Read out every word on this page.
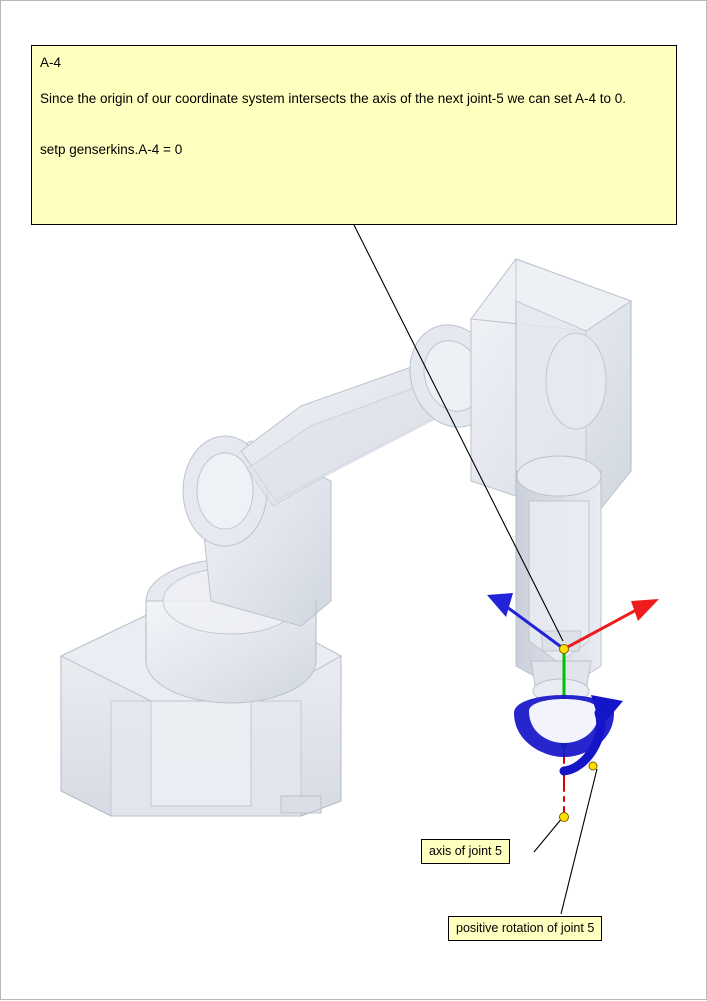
A-4
Since the origin of our coordinate system intersects the axis of the next joint-5 we can set A-4 to 0.
setp genserkins.A-4 = 0
axis of joint 5
positive rotation of joint 5
